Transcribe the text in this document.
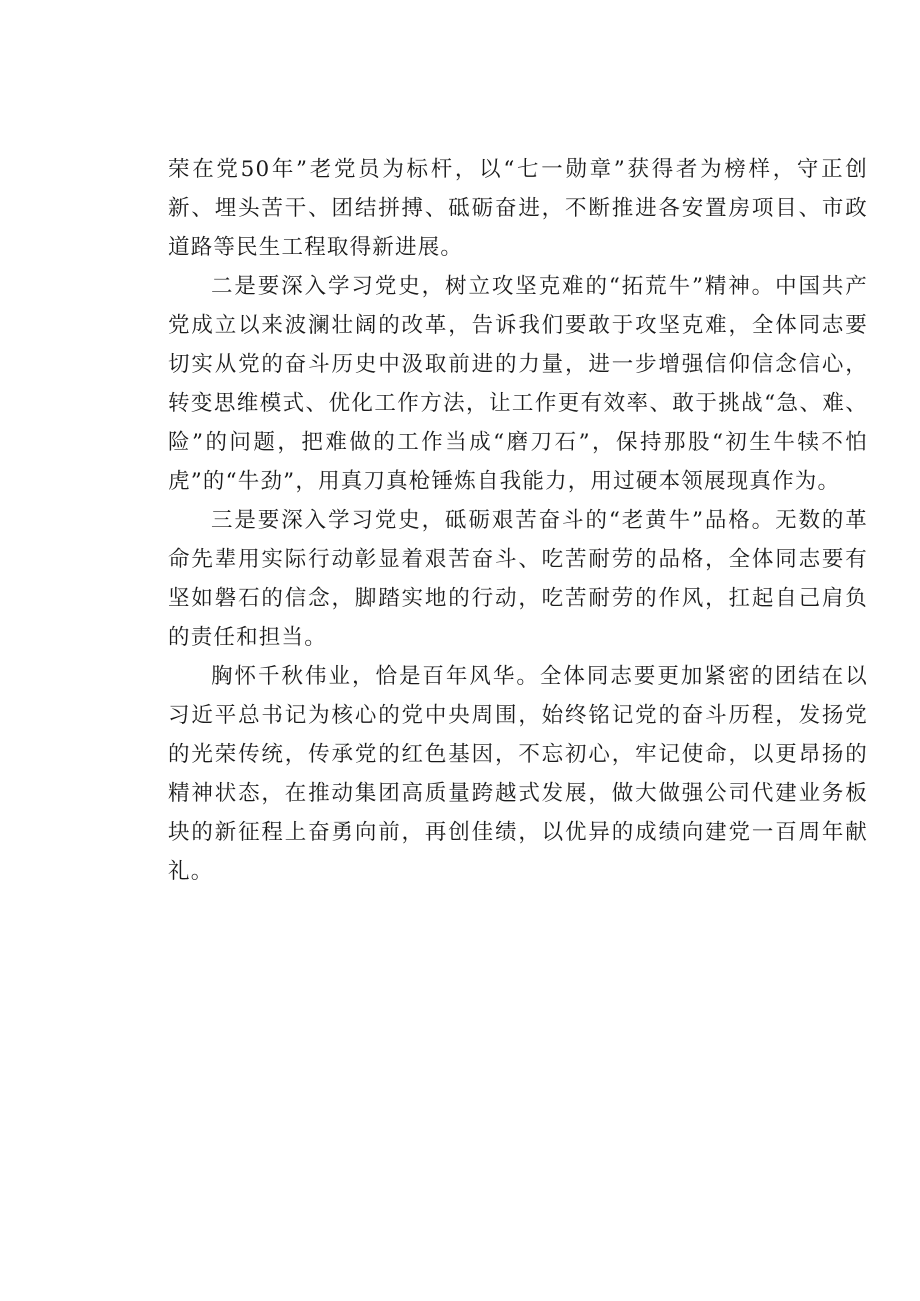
荣在党50年”老党员为标杆，以“七一勋章”获得者为榜样，守正创新、埋头苦干、团结拼搏、砥砺奋进，不断推进各安置房项目、市政道路等民生工程取得新进展。

二是要深入学习党史，树立攻坚克难的“拓荒牛”精神。中国共产党成立以来波澜壮阔的改革，告诉我们要敢于攻坚克难，全体同志要切实从党的奋斗历史中汲取前进的力量，进一步增强信仰信念信心，转变思维模式、优化工作方法，让工作更有效率、敢于挑战“急、难、险”的问题，把难做的工作当成“磨刀石”，保持那股“初生牛犊不怕虎”的“牛劲”，用真刀真枪锤炼自我能力，用过硬本领展现真作为。

三是要深入学习党史，砥砺艰苦奋斗的“老黄牛”品格。无数的革命先辈用实际行动彰显着艰苦奋斗、吃苦耐劳的品格，全体同志要有坚如磐石的信念，脚踏实地的行动，吃苦耐劳的作风，扛起自己肩负的责任和担当。

胸怀千秋伟业，恰是百年风华。全体同志要更加紧密的团结在以习近平总书记为核心的党中央周围，始终铭记党的奋斗历程，发扬党的光荣传统，传承党的红色基因，不忘初心，牢记使命，以更昂扬的精神状态，在推动集团高质量跨越式发展，做大做强公司代建业务板块的新征程上奋勇向前，再创佳绩，以优异的成绩向建党一百周年献礼。
